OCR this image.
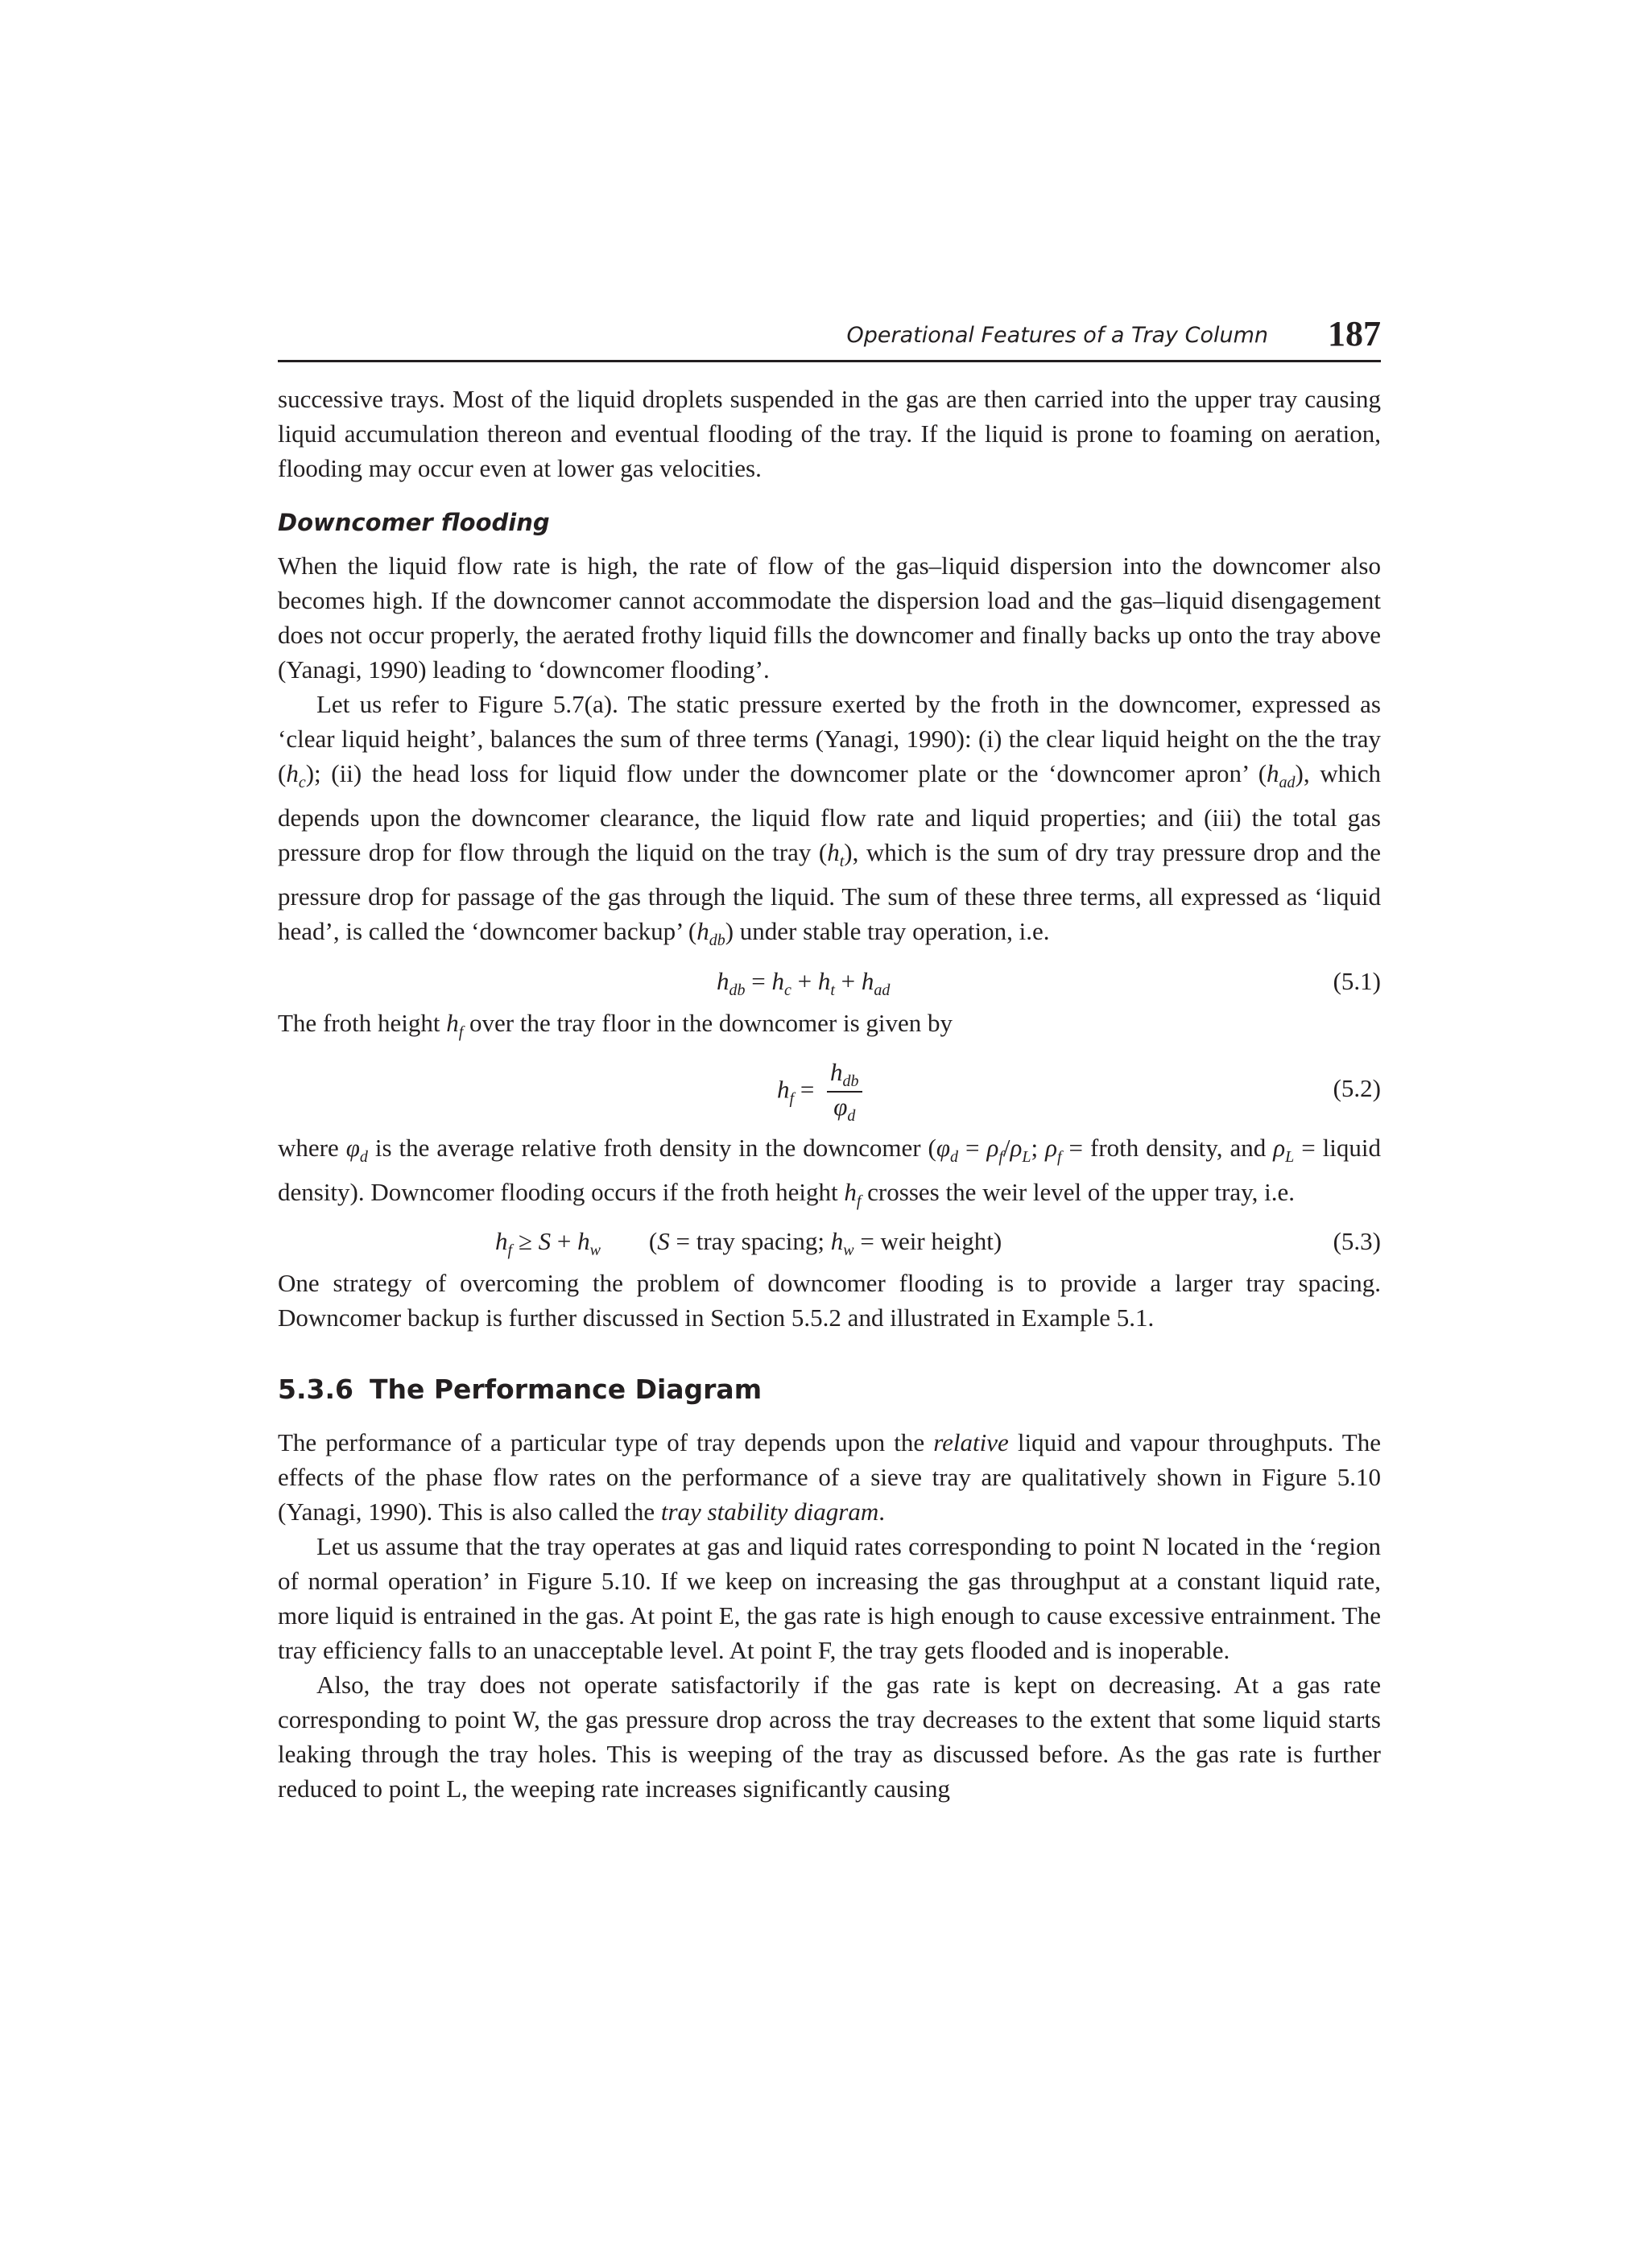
Operational Features of a Tray Column 187

successive trays. Most of the liquid droplets suspended in the gas are then carried into the upper tray causing liquid accumulation thereon and eventual flooding of the tray. If the liquid is prone to foaming on aeration, flooding may occur even at lower gas velocities.

Downcomer flooding

When the liquid flow rate is high, the rate of flow of the gas–liquid dispersion into the downcomer also becomes high. If the downcomer cannot accommodate the dispersion load and the gas–liquid disengagement does not occur properly, the aerated frothy liquid fills the downcomer and finally backs up onto the tray above (Yanagi, 1990) leading to ‘downcomer flooding’.

Let us refer to Figure 5.7(a). The static pressure exerted by the froth in the downcomer, expressed as ‘clear liquid height’, balances the sum of three terms (Yanagi, 1990): (i) the clear liquid height on the the tray $(h_c)$; (ii) the head loss for liquid flow under the downcomer plate or the ‘downcomer apron’ $(h_{ad})$, which depends upon the downcomer clearance, the liquid flow rate and liquid properties; and (iii) the total gas pressure drop for flow through the liquid on the tray $(h_t)$, which is the sum of dry tray pressure drop and the pressure drop for passage of the gas through the liquid. The sum of these three terms, all expressed as ‘liquid head’, is called the ‘downcomer backup’ $(h_{db})$ under stable tray operation, i.e.

$h_{db} = h_c + h_t + h_{ad}$	(5.1)

The froth height $h_f$ over the tray floor in the downcomer is given by

$h_f = \frac{h_{db}}{\varphi_d}$	(5.2)

where $\varphi_d$ is the average relative froth density in the downcomer ($\varphi_d = \rho_f/\rho_L$; $\rho_f$ = froth density, and $\rho_L$ = liquid density). Downcomer flooding occurs if the froth height $h_f$ crosses the weir level of the upper tray, i.e.

$h_f \ge S + h_w$ (S = tray spacing; $h_w$ = weir height)	(5.3)

One strategy of overcoming the problem of downcomer flooding is to provide a larger tray spacing. Downcomer backup is further discussed in Section 5.5.2 and illustrated in Example 5.1.

5.3.6 The Performance Diagram

The performance of a particular type of tray depends upon the relative liquid and vapour throughputs. The effects of the phase flow rates on the performance of a sieve tray are qualitatively shown in Figure 5.10 (Yanagi, 1990). This is also called the tray stability diagram.

Let us assume that the tray operates at gas and liquid rates corresponding to point N located in the ‘region of normal operation’ in Figure 5.10. If we keep on increasing the gas throughput at a constant liquid rate, more liquid is entrained in the gas. At point E, the gas rate is high enough to cause excessive entrainment. The tray efficiency falls to an unacceptable level. At point F, the tray gets flooded and is inoperable.

Also, the tray does not operate satisfactorily if the gas rate is kept on decreasing. At a gas rate corresponding to point W, the gas pressure drop across the tray decreases to the extent that some liquid starts leaking through the tray holes. This is weeping of the tray as discussed before. As the gas rate is further reduced to point L, the weeping rate increases significantly causing
